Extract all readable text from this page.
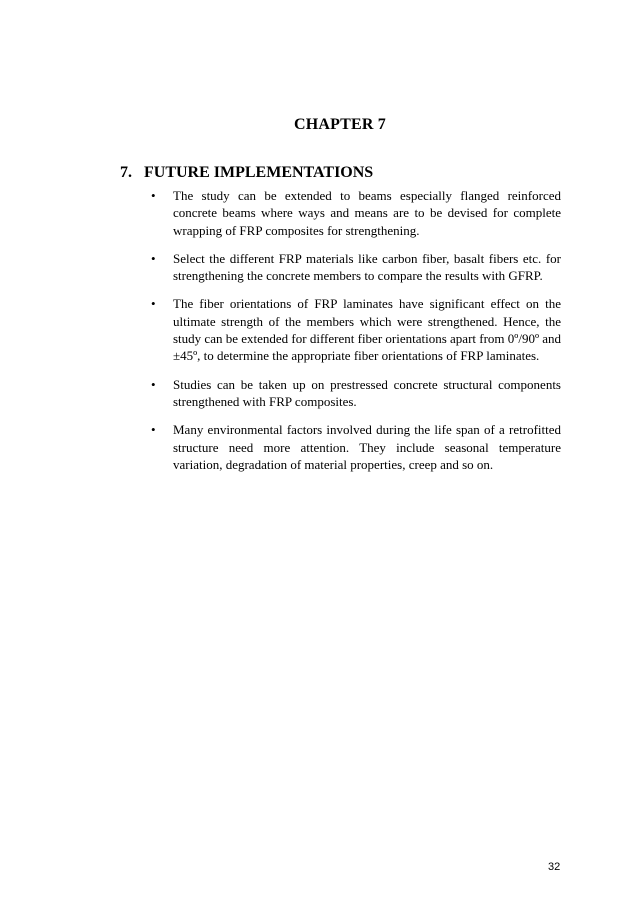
CHAPTER 7
7. FUTURE IMPLEMENTATIONS
• The study can be extended to beams especially flanged reinforced concrete beams where ways and means are to be devised for complete wrapping of FRP composites for strengthening.
• Select the different FRP materials like carbon fiber, basalt fibers etc. for strengthening the concrete members to compare the results with GFRP.
• The fiber orientations of FRP laminates have significant effect on the ultimate strength of the members which were strengthened. Hence, the study can be extended for different fiber orientations apart from 0º/90º and ±45º, to determine the appropriate fiber orientations of FRP laminates.
• Studies can be taken up on prestressed concrete structural components strengthened with FRP composites.
• Many environmental factors involved during the life span of a retrofitted structure need more attention. They include seasonal temperature variation, degradation of material properties, creep and so on.
32
